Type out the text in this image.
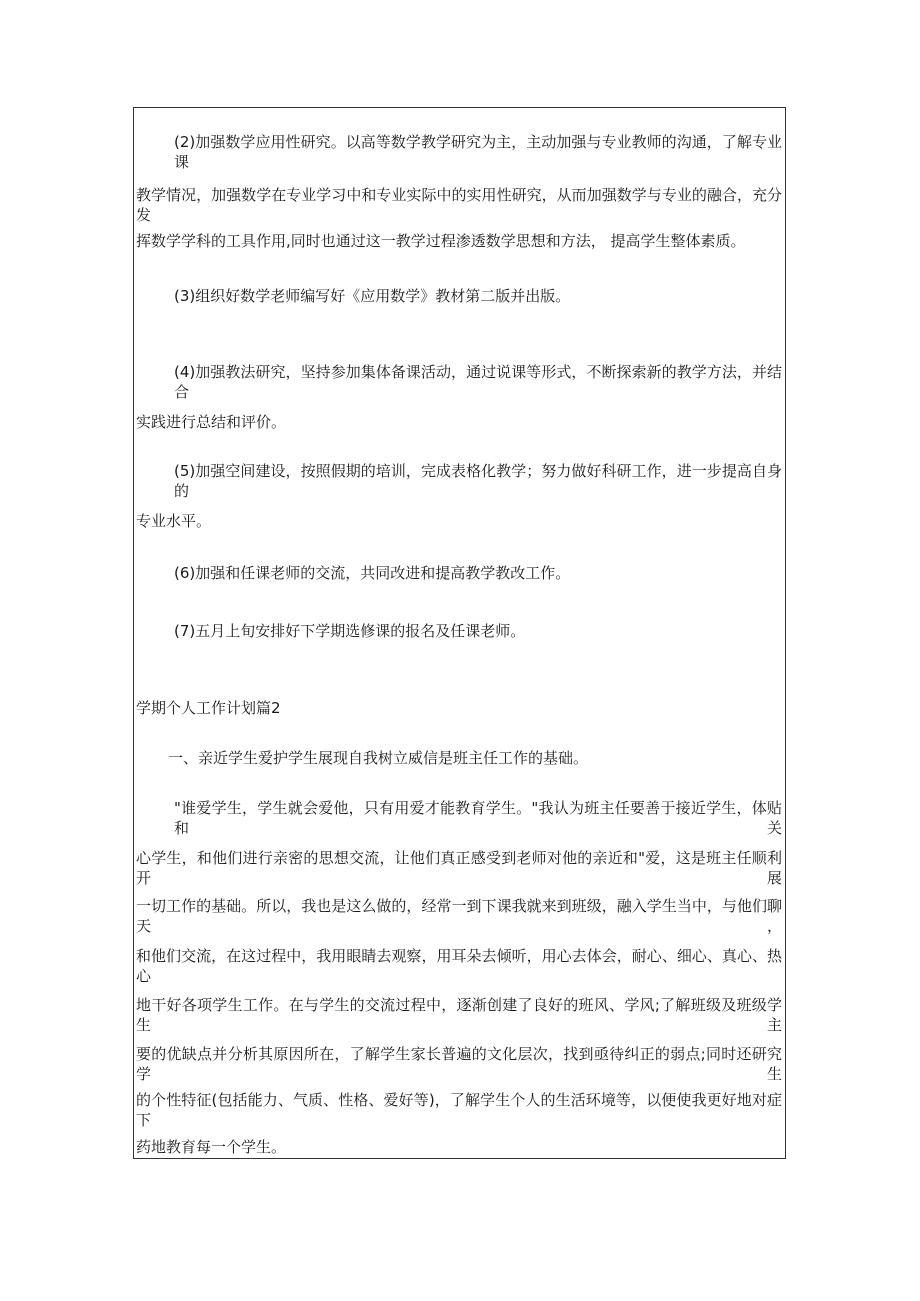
(2)加强数学应用性研究。以高等数学教学研究为主，主动加强与专业教师的沟通，了解专业课
教学情况，加强数学在专业学习中和专业实际中的实用性研究，从而加强数学与专业的融合，充分发
挥数学学科的工具作用,同时也通过这一教学过程渗透数学思想和方法， 提高学生整体素质。
(3)组织好数学老师编写好《应用数学》教材第二版并出版。
(4)加强教法研究，坚持参加集体备课活动，通过说课等形式，不断探索新的教学方法，并结合
实践进行总结和评价。
(5)加强空间建设，按照假期的培训，完成表格化教学；努力做好科研工作，进一步提高自身的
专业水平。
(6)加强和任课老师的交流，共同改进和提高教学教改工作。
(7)五月上旬安排好下学期选修课的报名及任课老师。
学期个人工作计划篇2
一、亲近学生爱护学生展现自我树立威信是班主任工作的基础。
"谁爱学生，学生就会爱他，只有用爱才能教育学生。"我认为班主任要善于接近学生，体贴和关
心学生，和他们进行亲密的思想交流，让他们真正感受到老师对他的亲近和"爱，这是班主任顺利开展
一切工作的基础。所以，我也是这么做的，经常一到下课我就来到班级，融入学生当中，与他们聊天，
和他们交流，在这过程中，我用眼睛去观察，用耳朵去倾听，用心去体会，耐心、细心、真心、热心
地干好各项学生工作。在与学生的交流过程中，逐渐创建了良好的班风、学风;了解班级及班级学生主
要的优缺点并分析其原因所在，了解学生家长普遍的文化层次，找到亟待纠正的弱点;同时还研究学生
的个性特征(包括能力、气质、性格、爱好等)，了解学生个人的生活环境等，以便使我更好地对症下
药地教育每一个学生。
